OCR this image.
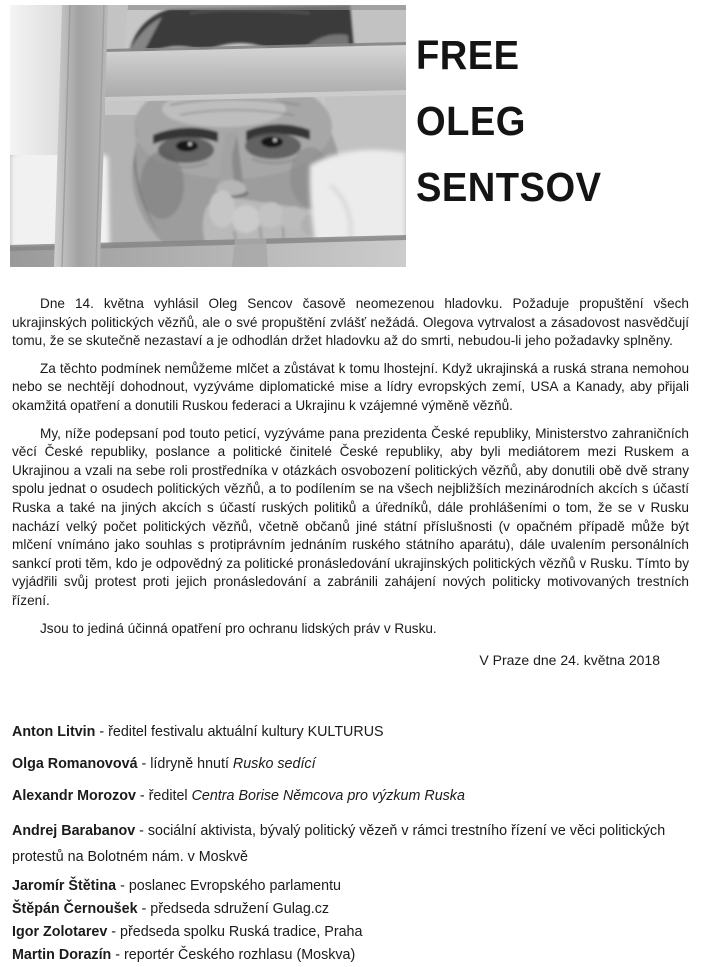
FREE
OLEG
SENTSOV

Dne 14. května vyhlásil Oleg Sencov časově neomezenou hladovku. Požaduje propuštění všech ukrajinských politických vězňů, ale o své propuštění zvlášť nežádá. Olegova vytrvalost a zásadovost nasvědčují tomu, že se skutečně nezastaví a je odhodlán držet hladovku až do smrti, nebudou-li jeho požadavky splněny.

Za těchto podmínek nemůžeme mlčet a zůstávat k tomu lhostejní. Když ukrajinská a ruská strana nemohou nebo se nechtějí dohodnout, vyzýváme diplomatické mise a lídry evropských zemí, USA a Kanady, aby přijali okamžitá opatření a donutili Ruskou federaci a Ukrajinu k vzájemné výměně vězňů.

My, níže podepsaní pod touto peticí, vyzýváme pana prezidenta České republiky, Ministerstvo zahraničních věcí České republiky, poslance a politické činitelé České republiky, aby byli mediátorem mezi Ruskem a Ukrajinou a vzali na sebe roli prostředníka v otázkách osvobození politických vězňů, aby donutili obě dvě strany spolu jednat o osudech politických vězňů, a to podílením se na všech nejbližších mezinárodních akcích s účastí Ruska a také na jiných akcích s účastí ruských politiků a úředníků, dále prohlášeními o tom, že se v Rusku nachází velký počet politických vězňů, včetně občanů jiné státní příslušnosti (v opačném případě může být mlčení vnímáno jako souhlas s protiprávním jednáním ruského státního aparátu), dále uvalením personálních sankcí proti těm, kdo je odpovědný za politické pronásledování ukrajinských politických vězňů v Rusku. Tímto by vyjádřili svůj protest proti jejich pronásledování a zabránili zahájení nových politicky motivovaných trestních řízení.

Jsou to jediná účinná opatření pro ochranu lidských práv v Rusku.

V Praze dne 24. května 2018
Anton Litvin - ředitel festivalu aktuální kultury KULTURUS
Olga Romanovová - lídryně hnutí Rusko sedící
Alexandr Morozov - ředitel Centra Borise Němcova pro výzkum Ruska
Andrej Barabanov - sociální aktivista, bývalý politický vězeň v rámci trestního řízení ve věci politických protestů na Bolotném nám. v Moskvě
Jaromír Štětina - poslanec Evropského parlamentu
Štěpán Černoušek - předseda sdružení Gulag.cz
Igor Zolotarev - předseda spolku Ruská tradice, Praha
Martin Dorazín - reportér Českého rozhlasu (Moskva)
